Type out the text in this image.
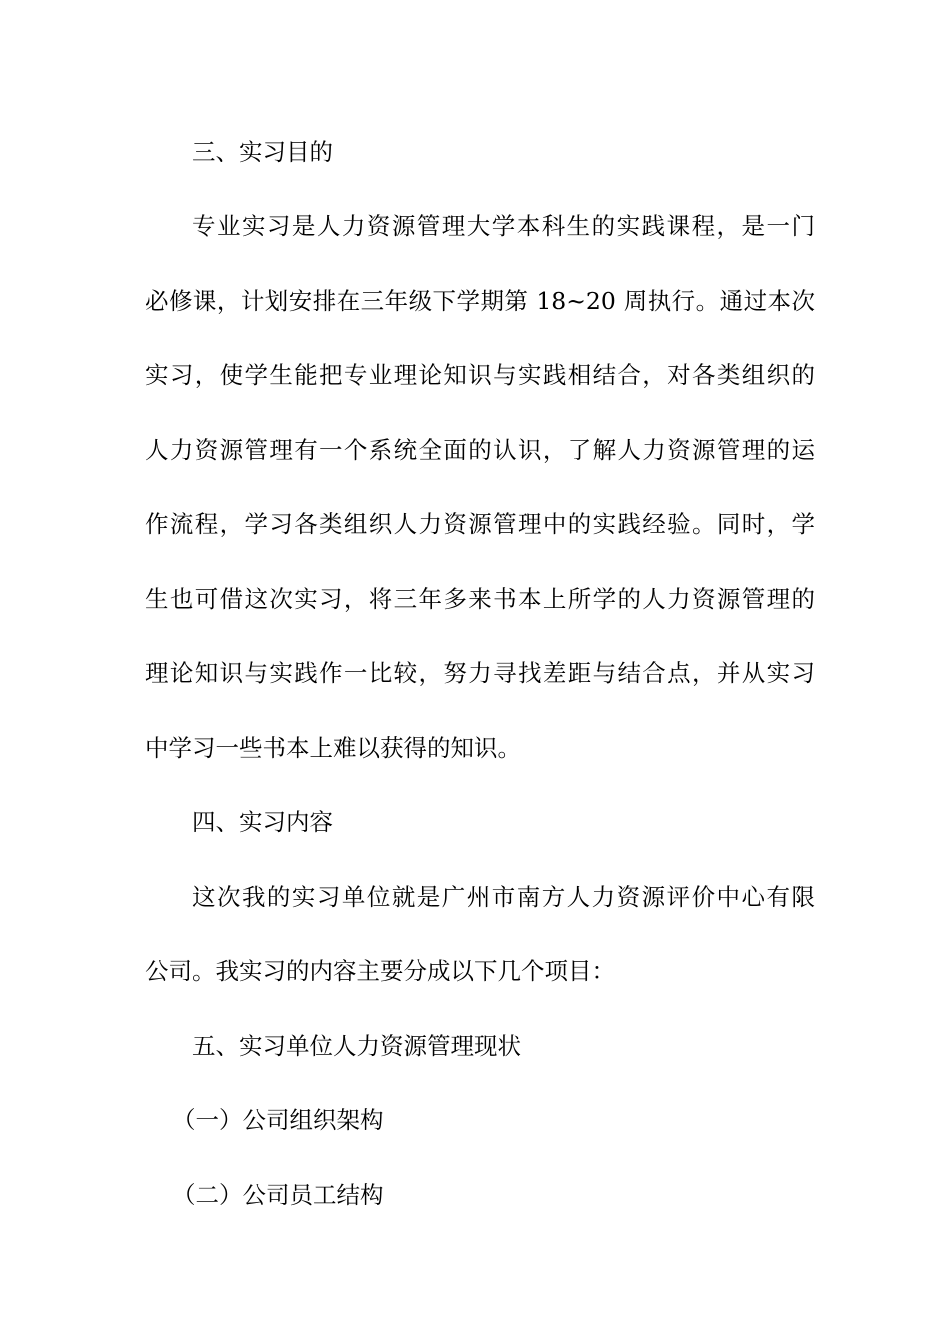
三、实习目的
专业实习是人力资源管理大学本科生的实践课程，是一门
必修课，计划安排在三年级下学期第 18~20 周执行。通过本次
实习，使学生能把专业理论知识与实践相结合，对各类组织的
人力资源管理有一个系统全面的认识，了解人力资源管理的运
作流程，学习各类组织人力资源管理中的实践经验。同时，学
生也可借这次实习，将三年多来书本上所学的人力资源管理的
理论知识与实践作一比较，努力寻找差距与结合点，并从实习
中学习一些书本上难以获得的知识。
四、实习内容
这次我的实习单位就是广州市南方人力资源评价中心有限
公司。我实习的内容主要分成以下几个项目：
五、实习单位人力资源管理现状
（一）公司组织架构
（二）公司员工结构
